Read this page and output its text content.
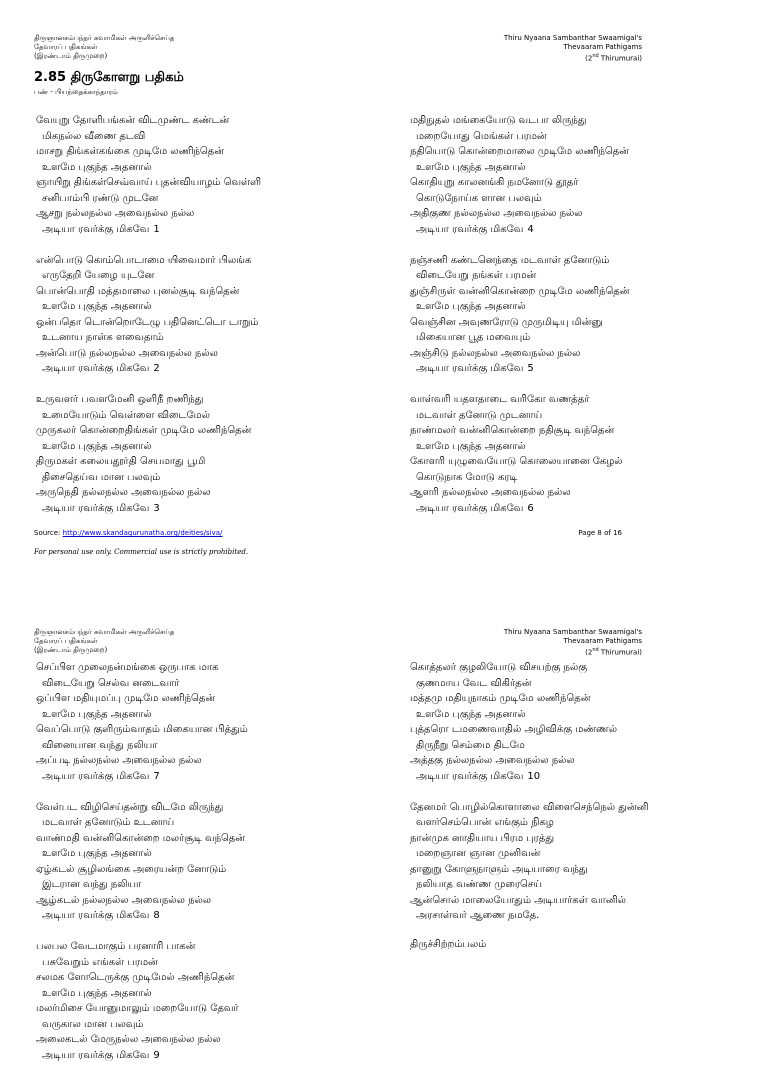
திருஞானசம்பந்தர் சுவாமிகள் அருளிச்செய்த
தேவாரப் பதிகங்கள்
(இரண்டாம் திருமுறை)
Thiru Nyaana Sambanthar Swaamigal's
Thevaaram Pathigams
(2nd Thirumurai)
2.85 திருகோளறு பதிகம்
பண் - பியந்தைக்காந்தாரம்
வேயுறு தோளிபங்கன் விடமுண்ட கண்டன்
மிகநல்ல வீணை தடவி
மாசறு திங்கள்கங்கை முடிமே லணிந்தென்
உளமே புகுந்த அதனால்
ஞாயிறு திங்கள்செவ்வாய் புதன்வியாழம் வெள்ளி
சனிபாம்பி ரண்டு முடனே
ஆசறு நல்லநல்ல அவைநல்ல நல்ல
அடியா ரவர்க்கு மிகவே 1
என்பொடு கொம்பொடாமை யிவைமார் பிலங்க
எருதேறி யேழை யுடனே
பொன்பொதி மத்தமாலை புனல்சூடி வந்தென்
உளமே புகுந்த அதனால்
ஒன்பதொ டொன்றொடேழு பதினெட்டொ டாறும்
உடனாய நாள்க ளவைதாம்
அன்பொடு நல்லநல்ல அவைநல்ல நல்ல
அடியா ரவர்க்கு மிகவே 2
உருவளர் பவளமேனி ஒளிநீ றணிந்து
உமையோடும் வெள்ளை விடைமேல்
முருகலர் கொன்றைதிங்கள் முடிமே லணிந்தென்
உளமே புகுந்த அதனால்
திருமகள் கலையதூர்தி செயமாது பூமி
திசைதெய்வ மான பலவும்
அருநெதி நல்லநல்ல அவைநல்ல நல்ல
அடியா ரவர்க்கு மிகவே 3
மதிநுதல் மங்கையோடு வடபா லிருந்து
மறையோது மெங்கள் பரமன்
நதியொடு கொன்றைமாலை முடிமே லணிந்தென்
உளமே புகுந்த அதனால்
கொதியுறு காலனங்கி நமனோடு தூதர்
கொடுநோய்க ளான பலவும்
அதிகுண நல்லநல்ல அவைநல்ல நல்ல
அடியா ரவர்க்கு மிகவே 4
நஞ்சணி கண்டனெந்தை மடவாள் தனோடும்
விடையேறு நங்கள் பரமன்
துஞ்சிருள் வன்னிகொன்றை முடிமே லணிந்தென்
உளமே புகுந்த அதனால்
வெஞ்சின அவுணரோடு முருமிடியு மின்னு
மிகையான பூத மவையும்
அஞ்சிடு நல்லநல்ல அவைநல்ல நல்ல
அடியா ரவர்க்கு மிகவே 5
வாள்வரி யதளதாடை வரிகோ வணத்தர்
மடவாள் தனோடு முடனாய்
நாண்மலர் வன்னிகொன்றை நதிசூடி வந்தென்
உளமே புகுந்த அதனால்
கோளரி யுழுவையோடு கொலையானை கேழல்
கொடுநாக மோடு கரடி
ஆளரி நல்லநல்ல அவைநல்ல நல்ல
அடியா ரவர்க்கு மிகவே 6
Source: http://www.skandagurunatha.org/deities/siva/	Page 8 of 16
For personal use only. Commercial use is strictly prohibited.
திருஞானசம்பந்தர் சுவாமிகள் அருளிச்செய்த
தேவாரப் பதிகங்கள்
(இரண்டாம் திருமுறை)
Thiru Nyaana Sambanthar Swaamigal's
Thevaaram Pathigams
(2nd Thirumurai)
செப்பிள முலைநன்மங்கை ஒருபாக மாக
விடையேறு செல்வ னடைவார்
ஒப்பிள மதியுமப்பு முடிமே லணிந்தென்
உளமே புகுந்த அதனால்
வெப்பொடு குளிரும்வாதம் மிகையான பித்தும்
வினையான வந்து நலியா
அப்படி நல்லநல்ல அவைநல்ல நல்ல
அடியா ரவர்க்கு மிகவே 7
வேள்பட விழிசெய்தன்று விடமே லிருந்து
மடவாள் தனோடும் உடனாய்
வாண்மதி வன்னிகொன்றை மலர்சூடி வந்தென்
உளமே புகுந்த அதனால்
ஏழ்கடல் சூழிலங்கை அரையன்ற னோடும்
இடரான வந்து நலியா
ஆழ்கடல் நல்லநல்ல அவைநல்ல நல்ல
அடியா ரவர்க்கு மிகவே 8
பலபல வேடமாகும் பரனாரி பாகன்
பசுவேறும் எங்கள் பரமன்
சலமக ளோடெருக்கு முடிமேல் அணிந்தென்
உளமே புகுந்த அதனால்
மலர்மிசை யோனுமாலும் மறையோடு தேவர்
வருகால மான பலவும்
அலைகடல் மேருநல்ல அவைநல்ல நல்ல
அடியா ரவர்க்கு மிகவே 9
கொத்தலர் குழலியோடு விசயற்கு நல்கு
குணமாய வேட விகிர்தன்
மத்தமு மதியுநாகம் முடிமே லணிந்தென்
உளமே புகுந்த அதனால்
புத்தரொ டமணைவாதில் அழிவிக்கு மண்ணல்
திருநீறு செம்மை திடமே
அத்தகு நல்லநல்ல அவைநல்ல நல்ல
அடியா ரவர்க்கு மிகவே 10
தேனமர் பொழில்கொளாலை விளைசெந்நெல் துன்னி
வளர்செம்பொன் எங்கும் நிகழ
நான்முக னாதியாய பிரம புரத்து
மறைஞான ஞான முனிவன்
தானுறு கோளுநாளும் அடியாரை வந்து
நலியாத வண்ண முரைசெய்
ஆன்சொல் மாலையோதும் அடியார்கள் வானில்
அரசாள்வர் ஆணை நமதே.
திருச்சிற்றம்பலம்
